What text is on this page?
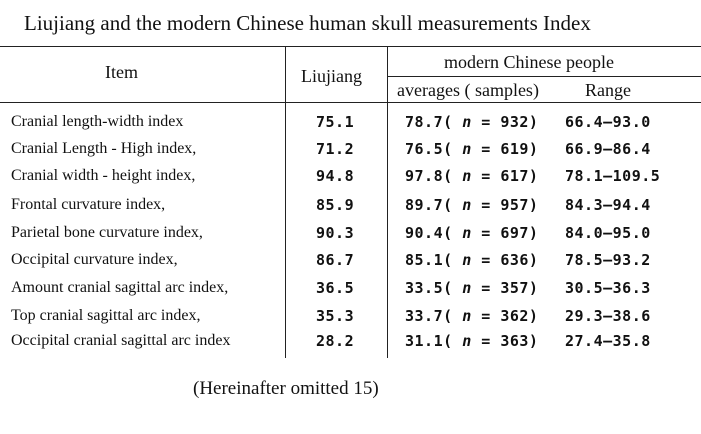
Liujiang and the modern Chinese human skull measurements Index
Item	Liujiang
modern Chinese people
averages ( samples)	Range
Cranial length-width index	75.1	78.7( n = 932) 66.4—93.0
Cranial Length - High index,	71.2	76.5( n = 619) 66.9—86.4
Cranial width - height index,	94.8	97.8( n = 617) 78.1—109.5
Frontal curvature index,	85.9	89.7( n = 957) 84.3—94.4
Parietal bone curvature index,	90.3	90.4( n = 697) 84.0—95.0
Occipital curvature index,	86.7	85.1( n = 636) 78.5—93.2
Amount cranial sagittal arc index,	36.5	33.5( n = 357) 30.5—36.3
Top cranial sagittal arc index,	35.3	33.7( n = 362) 29.3—38.6
Occipital cranial sagittal arc index	28.2	31.1( n = 363) 27.4—35.8
(Hereinafter omitted 15)
